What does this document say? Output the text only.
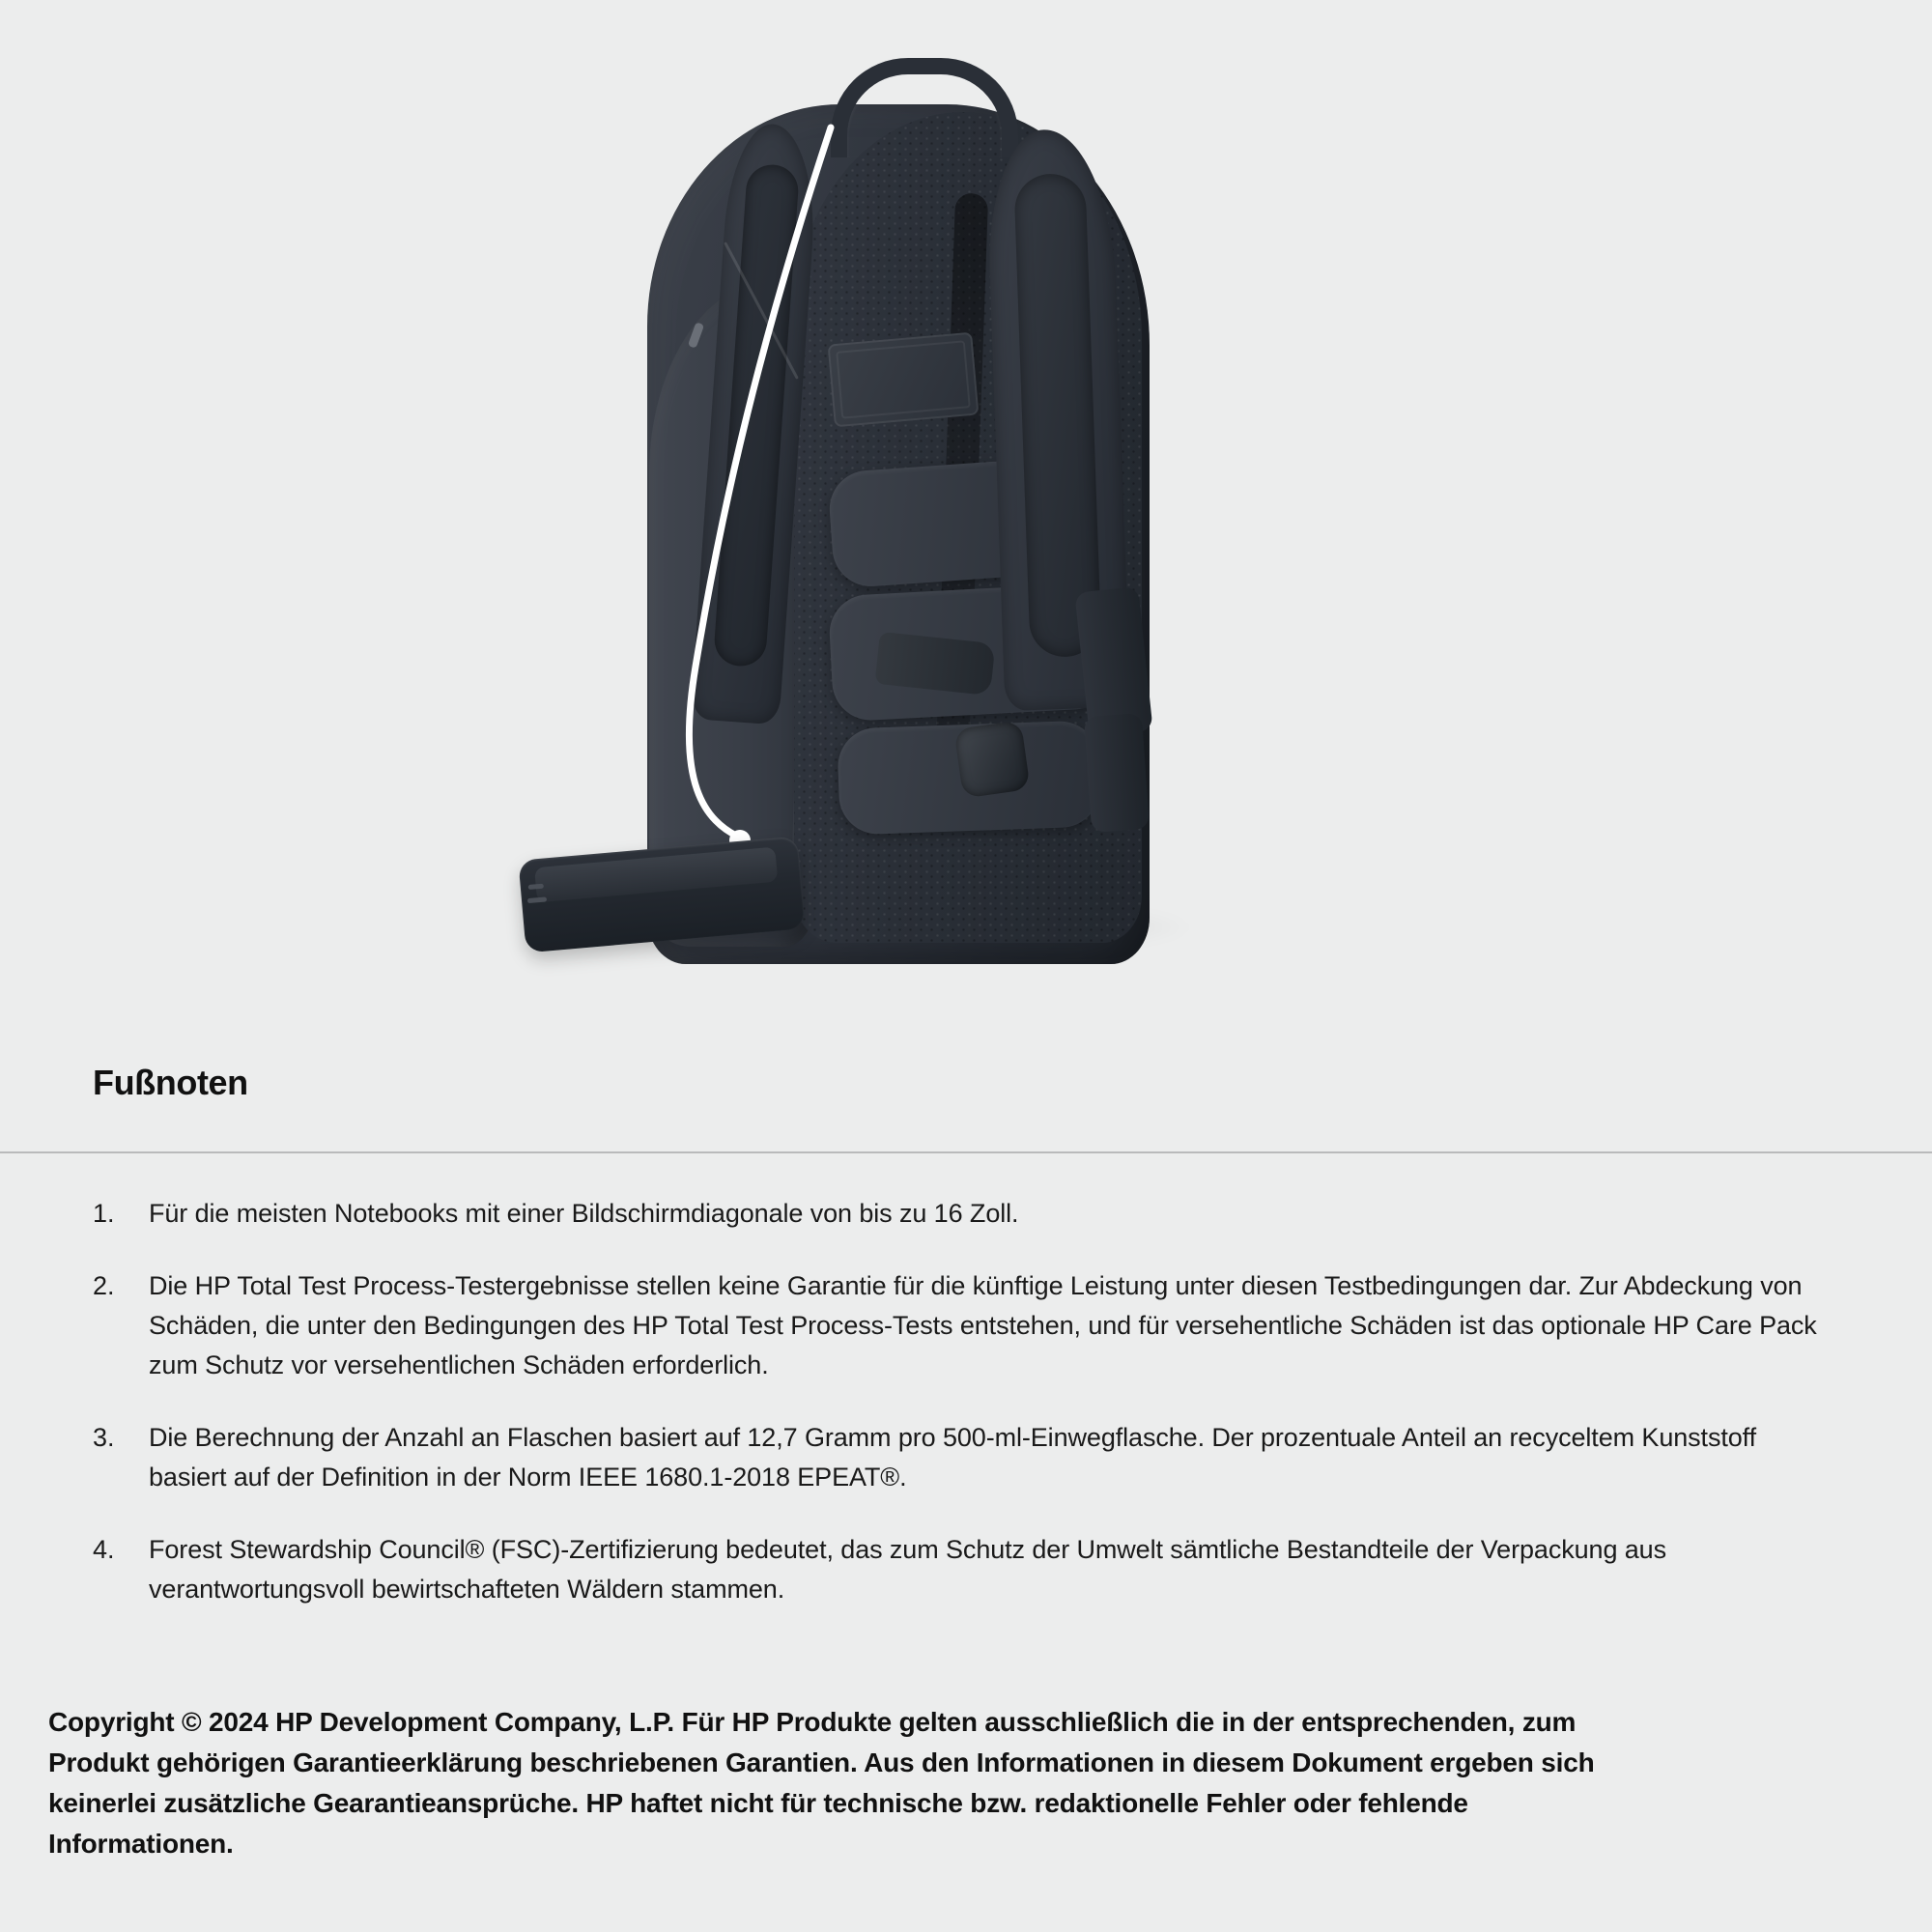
Fußnoten
1.	Für die meisten Notebooks mit einer Bildschirmdiagonale von bis zu 16 Zoll.
2.	Die HP Total Test Process-Testergebnisse stellen keine Garantie für die künftige Leistung unter diesen Testbedingungen dar. Zur Abdeckung von Schäden, die unter den Bedingungen des HP Total Test Process-Tests entstehen, und für versehentliche Schäden ist das optionale HP Care Pack zum Schutz vor versehentlichen Schäden erforderlich.
3.	Die Berechnung der Anzahl an Flaschen basiert auf 12,7 Gramm pro 500-ml-Einwegflasche. Der prozentuale Anteil an recyceltem Kunststoff basiert auf der Definition in der Norm IEEE 1680.1-2018 EPEAT®.
4.	Forest Stewardship Council® (FSC)-Zertifizierung bedeutet, das zum Schutz der Umwelt sämtliche Bestandteile der Verpackung aus verantwortungsvoll bewirtschafteten Wäldern stammen.
Copyright © 2024 HP Development Company, L.P. Für HP Produkte gelten ausschließlich die in der entsprechenden, zum Produkt gehörigen Garantieerklärung beschriebenen Garantien. Aus den Informationen in diesem Dokument ergeben sich keinerlei zusätzliche Gearantieansprüche. HP haftet nicht für technische bzw. redaktionelle Fehler oder fehlende Informationen.
